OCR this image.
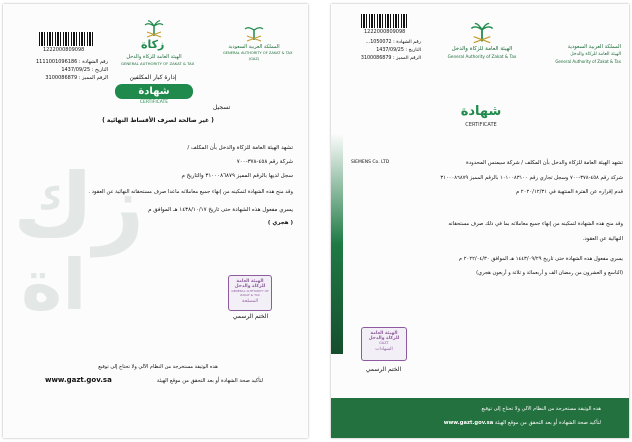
زك
اة
1222000809098
رقم الشهادة : 1111001096186
التاريخ : 1437/09/25
الرقم المميز : 3100086879
زكاة
الهيئة العامة للزكاة والدخل
GENERAL AUTHORITY OF ZAKAT & TAX
المملكة العربية السعودية
GENERAL AUTHORITY OF ZAKAT & TAX
(GAZ)
إدارة كبار المكلفين
شهادة
CERTIFICATE
تسجيل
( غير صالحة لصرف الأقساط النهائية )
تشهد الهيئة العامة للزكاة والدخل بأن المكلف /
شركة رقم ٤٥٨-٣٧٨-٧٠٠
سجل لديها بالرقم المميز ٣١٠٠٠٨٦٨٧٩ والتاريخ م
وقد منح هذه الشهادة لتمكينه من إنهاء جميع معاملاته ماعدا صرف مستحقاته النهائية عن العقود .
يسري مفعول هذه الشهادة حتى تاريخ ١٤٣٨/١٠/١٧ هـ الموافق م
( هجري )
الهيئة العامة
للزكاة والدخل
GENERAL AUTHORITY OF ZAKAT & TAX
المصلحة
الختم الرسمي
هذه الوثيقة مستخرجة من النظام الآلي ولا تحتاج إلى توقيع
لتأكيد صحة الشهادة أو بعد التحقق من موقع الهيئة
www.gazt.gov.sa
1222000809098
رقم الشهادة : 1050072...
التاريخ : 1437/09/25
الرقم المميز : 3100086879
الهيئة العامة للزكاة والدخل
General Authority of Zakat & Tax
المملكة العربية السعودية
الهيئة العامة للزكاة والدخل
General Authority of Zakat & Tax
شهادة
CERTIFICATE
SIEMENS Co. LTD	تشهد الهيئة العامة للزكاة والدخل بأن المكلف / شركة سيمنس المحدودة
شركة رقم ٤٥٨-٣٧٨-٧٠٠ وسجل تجاري رقم ١٠١٠٠٨٣١٠٠ بالرقم المميز ٣١٠٠٠٨٦٨٧٩
قدم إقراره عن الفترة المنتهية في ٢٠٢٠/١٢/٣١ م
وقد منح هذه الشهادة لتمكينه من إنهاء جميع معاملاته بما في ذلك صرف مستحقاته
النهائية عن العقود.
يسري مفعول هذه الشهادة حتى تاريخ ١٤٤٣/٠٩/٢٩ هـ الموافق ٢٠٢٢/٠٤/٣٠ م
(التاسع و العشرون من رمضان الف و أربعمائة و ثلاثة و أربعون هجري)
الهيئة العامة
للزكاة والدخل
GAZT
الشهادات
الختم الرسمي
هذه الوثيقة مستخرجة من النظام الآلي ولا تحتاج إلى توقيع
لتأكيد صحة الشهادة أو بعد التحقق من موقع الهيئة www.gazt.gov.sa
